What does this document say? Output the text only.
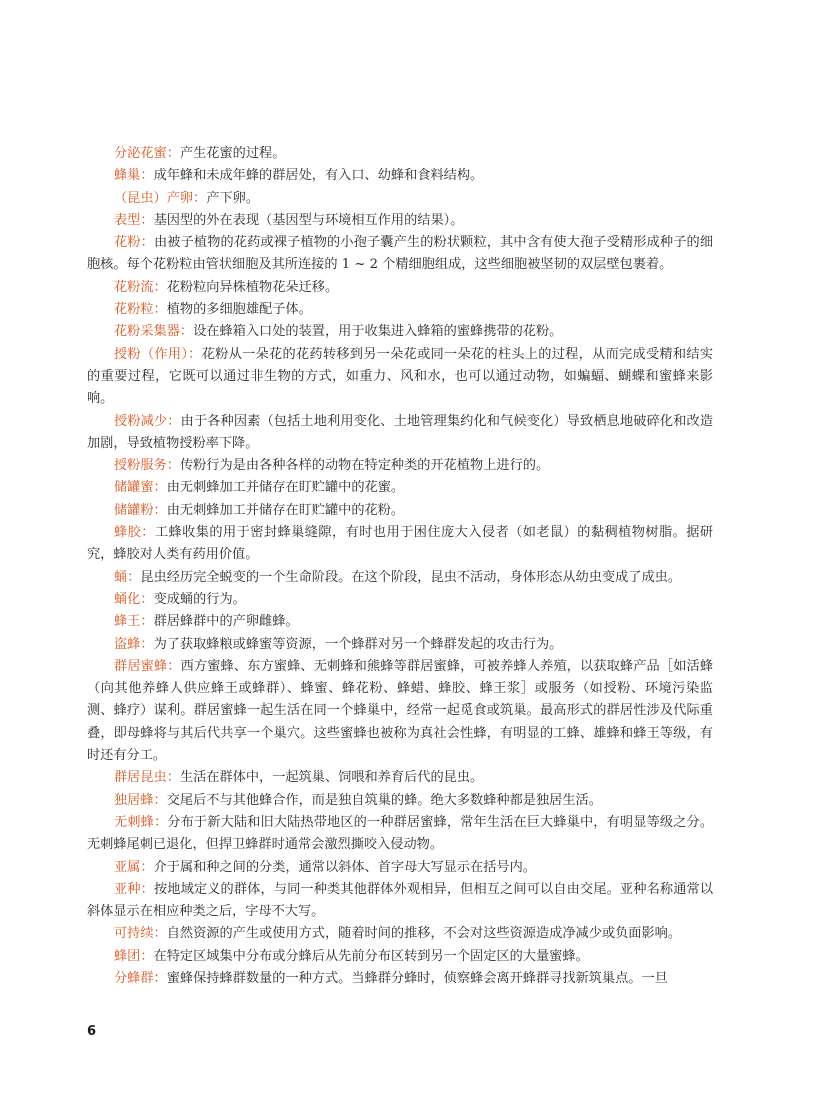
分泌花蜜：产生花蜜的过程。

蜂巢：成年蜂和未成年蜂的群居处，有入口、幼蜂和食料结构。

（昆虫）产卵：产下卵。

表型：基因型的外在表现（基因型与环境相互作用的结果）。

花粉：由被子植物的花药或裸子植物的小孢子囊产生的粉状颗粒，其中含有使大孢子受精形成种子的细胞核。每个花粉粒由管状细胞及其所连接的 1 ~ 2 个精细胞组成，这些细胞被坚韧的双层壁包裹着。

花粉流：花粉粒向异株植物花朵迁移。

花粉粒：植物的多细胞雄配子体。

花粉采集器：设在蜂箱入口处的装置，用于收集进入蜂箱的蜜蜂携带的花粉。

授粉（作用）：花粉从一朵花的花药转移到另一朵花或同一朵花的柱头上的过程，从而完成受精和结实的重要过程，它既可以通过非生物的方式，如重力、风和水，也可以通过动物，如蝙蝠、蝴蝶和蜜蜂来影响。

授粉减少：由于各种因素（包括土地利用变化、土地管理集约化和气候变化）导致栖息地破碎化和改造加剧，导致植物授粉率下降。

授粉服务：传粉行为是由各种各样的动物在特定种类的开花植物上进行的。

储罐蜜：由无刺蜂加工并储存在盯贮罐中的花蜜。

储罐粉：由无刺蜂加工并储存在盯贮罐中的花粉。

蜂胶：工蜂收集的用于密封蜂巢缝隙，有时也用于困住庞大入侵者（如老鼠）的黏稠植物树脂。据研究，蜂胶对人类有药用价值。

蛹：昆虫经历完全蜕变的一个生命阶段。在这个阶段，昆虫不活动，身体形态从幼虫变成了成虫。

蛹化：变成蛹的行为。

蜂王：群居蜂群中的产卵雌蜂。

盗蜂：为了获取蜂粮或蜂蜜等资源，一个蜂群对另一个蜂群发起的攻击行为。

群居蜜蜂：西方蜜蜂、东方蜜蜂、无刺蜂和熊蜂等群居蜜蜂，可被养蜂人养殖，以获取蜂产品［如活蜂（向其他养蜂人供应蜂王或蜂群）、蜂蜜、蜂花粉、蜂蜡、蜂胶、蜂王浆］或服务（如授粉、环境污染监测、蜂疗）谋利。群居蜜蜂一起生活在同一个蜂巢中，经常一起觅食或筑巢。最高形式的群居性涉及代际重叠，即母蜂将与其后代共享一个巢穴。这些蜜蜂也被称为真社会性蜂，有明显的工蜂、雄蜂和蜂王等级，有时还有分工。

群居昆虫：生活在群体中，一起筑巢、饲喂和养育后代的昆虫。

独居蜂：交尾后不与其他蜂合作，而是独自筑巢的蜂。绝大多数蜂种都是独居生活。

无刺蜂：分布于新大陆和旧大陆热带地区的一种群居蜜蜂，常年生活在巨大蜂巢中，有明显等级之分。无刺蜂尾刺已退化，但捍卫蜂群时通常会激烈撕咬入侵动物。

亚属：介于属和种之间的分类，通常以斜体、首字母大写显示在括号内。

亚种：按地域定义的群体，与同一种类其他群体外观相异，但相互之间可以自由交尾。亚种名称通常以斜体显示在相应种类之后，字母不大写。

可持续：自然资源的产生或使用方式，随着时间的推移，不会对这些资源造成净减少或负面影响。

蜂团：在特定区域集中分布或分蜂后从先前分布区转到另一个固定区的大量蜜蜂。

分蜂群：蜜蜂保持蜂群数量的一种方式。当蜂群分蜂时，侦察蜂会离开蜂群寻找新筑巢点。一旦

6
